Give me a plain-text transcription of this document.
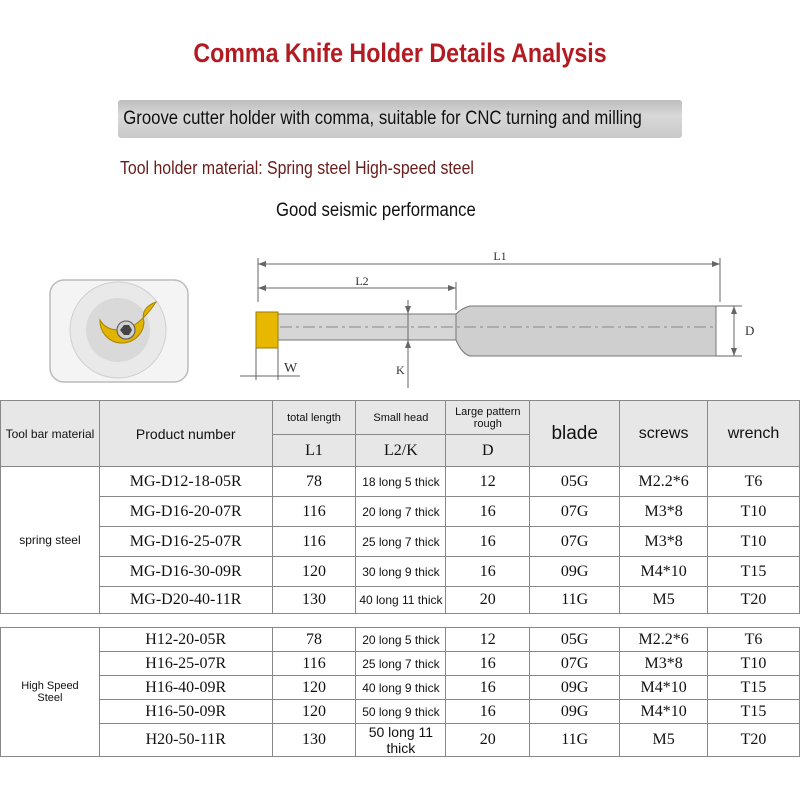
Comma Knife Holder Details Analysis
Groove cutter holder with comma, suitable for CNC turning and milling
Tool holder material: Spring steel High-speed steel
Good seismic performance
L1
L2
D
K
W
Tool bar material	Product number	total length	Small head	Large pattern rough	blade	screws	wrench
		L1	L2/K	D			
spring steel	MG-D12-18-05R	78	18 long 5 thick	12	05G	M2.2*6	T6
	MG-D16-20-07R	116	20 long 7 thick	16	07G	M3*8	T10
	MG-D16-25-07R	116	25 long 7 thick	16	07G	M3*8	T10
	MG-D16-30-09R	120	30 long 9 thick	16	09G	M4*10	T15
	MG-D20-40-11R	130	40 long 11 thick	20	11G	M5	T20

High Speed
Steel	H12-20-05R	78	20 long 5 thick	12	05G	M2.2*6	T6
	H16-25-07R	116	25 long 7 thick	16	07G	M3*8	T10
	H16-40-09R	120	40 long 9 thick	16	09G	M4*10	T15
	H16-50-09R	120	50 long 9 thick	16	09G	M4*10	T15
	H20-50-11R	130	50 long 11 thick	20	11G	M5	T20
